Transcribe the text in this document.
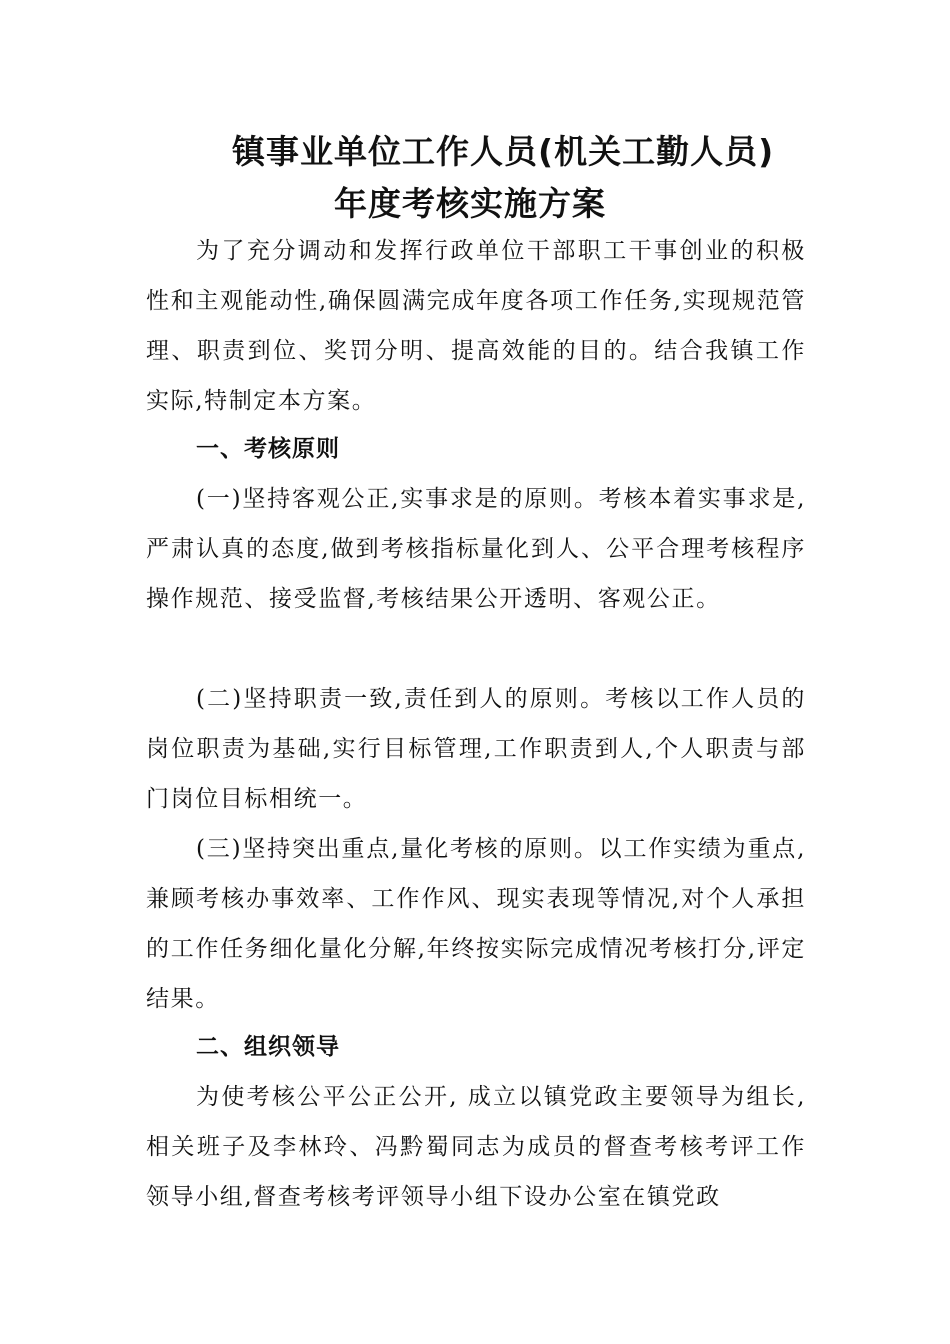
镇事业单位工作人员(机关工勤人员)
年度考核实施方案
为了充分调动和发挥行政单位干部职工干事创业的积极性和主观能动性,确保圆满完成年度各项工作任务,实现规范管理、职责到位、奖罚分明、提高效能的目的。结合我镇工作实际,特制定本方案。
一、考核原则
(一)坚持客观公正,实事求是的原则。考核本着实事求是,严肃认真的态度,做到考核指标量化到人、公平合理考核程序操作规范、接受监督,考核结果公开透明、客观公正。
(二)坚持职责一致,责任到人的原则。考核以工作人员的岗位职责为基础,实行目标管理,工作职责到人,个人职责与部门岗位目标相统一。
(三)坚持突出重点,量化考核的原则。以工作实绩为重点,兼顾考核办事效率、工作作风、现实表现等情况,对个人承担的工作任务细化量化分解,年终按实际完成情况考核打分,评定结果。
二、组织领导
为使考核公平公正公开, 成立以镇党政主要领导为组长,相关班子及李林玲、冯黔蜀同志为成员的督查考核考评工作领导小组,督查考核考评领导小组下设办公室在镇党政
